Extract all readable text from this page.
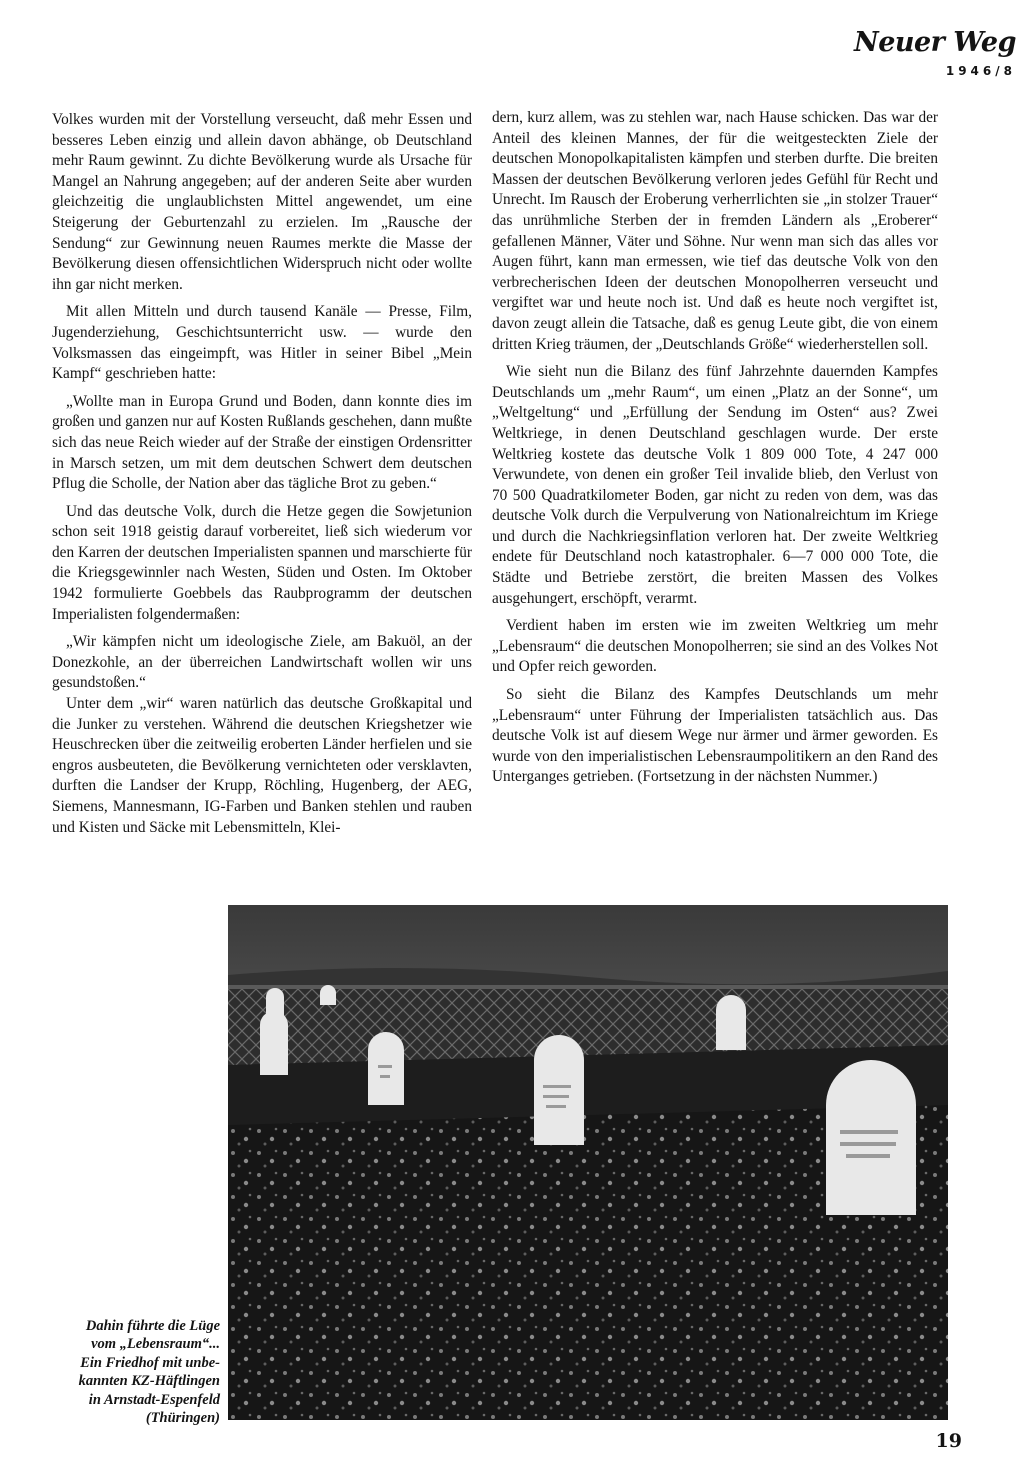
Neuer Weg
1946/8

Volkes wurden mit der Vorstellung verseucht, daß mehr Essen und besseres Leben einzig und allein davon abhänge, ob Deutschland mehr Raum gewinnt. Zu dichte Bevölkerung wurde als Ursache für Mangel an Nahrung angegeben; auf der anderen Seite aber wurden gleichzeitig die unglaublichsten Mittel angewendet, um eine Steigerung der Geburtenzahl zu erzielen. Im „Rausche der Sendung“ zur Gewinnung neuen Raumes merkte die Masse der Bevölkerung diesen offensichtlichen Widerspruch nicht oder wollte ihn gar nicht merken.

Mit allen Mitteln und durch tausend Kanäle — Presse, Film, Jugenderziehung, Geschichtsunterricht usw. — wurde den Volksmassen das eingeimpft, was Hitler in seiner Bibel „Mein Kampf“ geschrieben hatte:

„Wollte man in Europa Grund und Boden, dann konnte dies im großen und ganzen nur auf Kosten Rußlands geschehen, dann mußte sich das neue Reich wieder auf der Straße der einstigen Ordensritter in Marsch setzen, um mit dem deutschen Schwert dem deutschen Pflug die Scholle, der Nation aber das tägliche Brot zu geben.“

Und das deutsche Volk, durch die Hetze gegen die Sowjetunion schon seit 1918 geistig darauf vorbereitet, ließ sich wiederum vor den Karren der deutschen Imperialisten spannen und marschierte für die Kriegsgewinnler nach Westen, Süden und Osten. Im Oktober 1942 formulierte Goebbels das Raubprogramm der deutschen Imperialisten folgendermaßen:

„Wir kämpfen nicht um ideologische Ziele, am Bakuöl, an der Donezkohle, an der überreichen Landwirtschaft wollen wir uns gesundstoßen.“

Unter dem „wir“ waren natürlich das deutsche Großkapital und die Junker zu verstehen. Während die deutschen Kriegshetzer wie Heuschrecken über die zeitweilig eroberten Länder herfielen und sie engros ausbeuteten, die Bevölkerung vernichteten oder versklavten, durften die Landser der Krupp, Röchling, Hugenberg, der AEG, Siemens, Mannesmann, IG-Farben und Banken stehlen und rauben und Kisten und Säcke mit Lebensmitteln, Klei-

dern, kurz allem, was zu stehlen war, nach Hause schicken. Das war der Anteil des kleinen Mannes, der für die weitgesteckten Ziele der deutschen Monopolkapitalisten kämpfen und sterben durfte. Die breiten Massen der deutschen Bevölkerung verloren jedes Gefühl für Recht und Unrecht. Im Rausch der Eroberung verherrlichten sie „in stolzer Trauer“ das unrühmliche Sterben der in fremden Ländern als „Eroberer“ gefallenen Männer, Väter und Söhne. Nur wenn man sich das alles vor Augen führt, kann man ermessen, wie tief das deutsche Volk von den verbrecherischen Ideen der deutschen Monopolherren verseucht und vergiftet war und heute noch ist. Und daß es heute noch vergiftet ist, davon zeugt allein die Tatsache, daß es genug Leute gibt, die von einem dritten Krieg träumen, der „Deutschlands Größe“ wiederherstellen soll.

Wie sieht nun die Bilanz des fünf Jahrzehnte dauernden Kampfes Deutschlands um „mehr Raum“, um einen „Platz an der Sonne“, um „Weltgeltung“ und „Erfüllung der Sendung im Osten“ aus? Zwei Weltkriege, in denen Deutschland geschlagen wurde. Der erste Weltkrieg kostete das deutsche Volk 1 809 000 Tote, 4 247 000 Verwundete, von denen ein großer Teil invalide blieb, den Verlust von 70 500 Quadratkilometer Boden, gar nicht zu reden von dem, was das deutsche Volk durch die Verpulverung von Nationalreichtum im Kriege und durch die Nachkriegsinflation verloren hat. Der zweite Weltkrieg endete für Deutschland noch katastrophaler. 6—7 000 000 Tote, die Städte und Betriebe zerstört, die breiten Massen des Volkes ausgehungert, erschöpft, verarmt.

Verdient haben im ersten wie im zweiten Weltkrieg um mehr „Lebensraum“ die deutschen Monopolherren; sie sind an des Volkes Not und Opfer reich geworden.

So sieht die Bilanz des Kampfes Deutschlands um mehr „Lebensraum“ unter Führung der Imperialisten tatsächlich aus. Das deutsche Volk ist auf diesem Wege nur ärmer und ärmer geworden. Es wurde von den imperialistischen Lebensraumpolitikern an den Rand des Unterganges getrieben. (Fortsetzung in der nächsten Nummer.)

Dahin führte die Lüge
vom „Lebensraum“...
Ein Friedhof mit unbe-
kannten KZ-Häftlingen
in Arnstadt-Espenfeld
(Thüringen)
19
